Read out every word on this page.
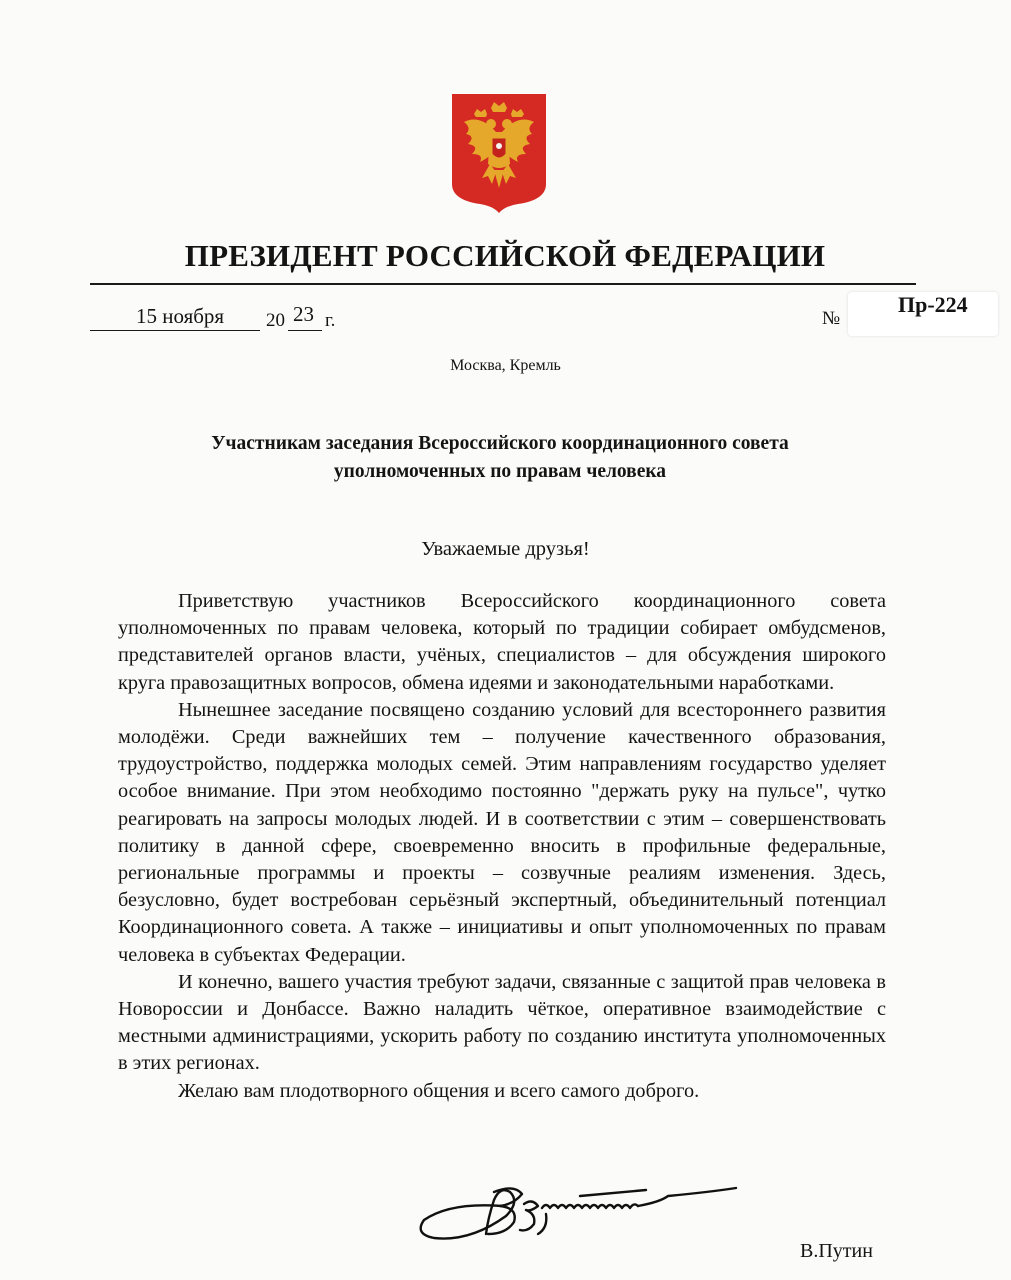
ПРЕЗИДЕНТ РОССИЙСКОЙ ФЕДЕРАЦИИ
15 ноября 20 23 г.	№
Пр-224
Москва, Кремль
Участникам заседания Всероссийского координационного совета
уполномоченных по правам человека
Уважаемые друзья!

Приветствую участников Всероссийского координационного совета уполномоченных по правам человека, который по традиции собирает омбудсменов, представителей органов власти, учёных, специалистов – для обсуждения широкого круга правозащитных вопросов, обмена идеями и законодательными наработками.

Нынешнее заседание посвящено созданию условий для всестороннего развития молодёжи. Среди важнейших тем – получение качественного образования, трудоустройство, поддержка молодых семей. Этим направлениям государство уделяет особое внимание. При этом необходимо постоянно "держать руку на пульсе", чутко реагировать на запросы молодых людей. И в соответствии с этим – совершенствовать политику в данной сфере, своевременно вносить в профильные федеральные, региональные программы и проекты – созвучные реалиям изменения. Здесь, безусловно, будет востребован серьёзный экспертный, объединительный потенциал Координационного совета. А также – инициативы и опыт уполномоченных по правам человека в субъектах Федерации.

И конечно, вашего участия требуют задачи, связанные с защитой прав человека в Новороссии и Донбассе. Важно наладить чёткое, оперативное взаимодействие с местными администрациями, ускорить работу по созданию института уполномоченных в этих регионах.

Желаю вам плодотворного общения и всего самого доброго.

В.Путин
